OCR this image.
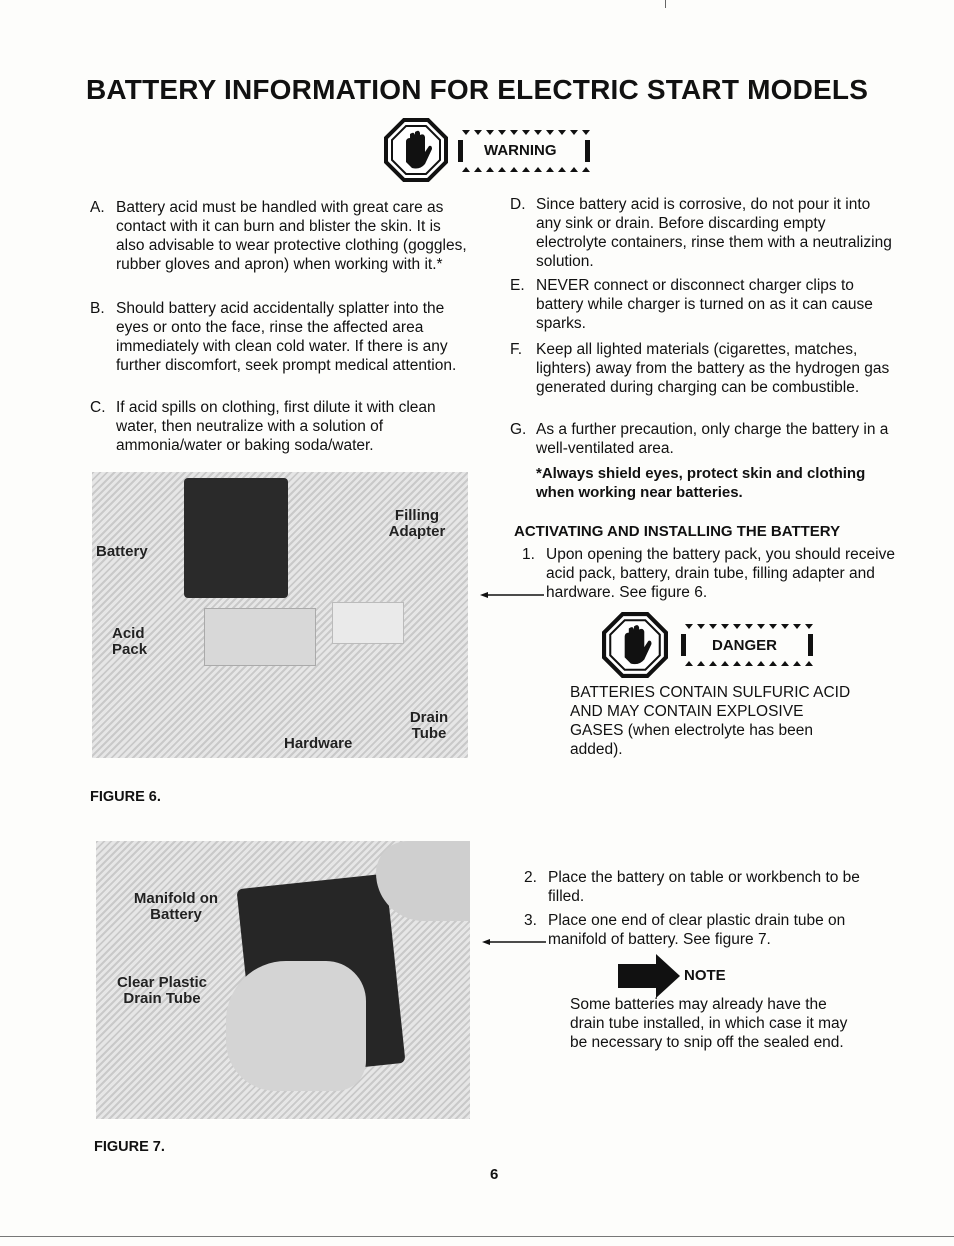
BATTERY INFORMATION FOR ELECTRIC START MODELS
WARNING
A. Battery acid must be handled with great care as contact with it can burn and blister the skin. It is also advisable to wear protective clothing (goggles, rubber gloves and apron) when working with it.*
B. Should battery acid accidentally splatter into the eyes or onto the face, rinse the affected area immediately with clean cold water. If there is any further discomfort, seek prompt medical attention.
C. If acid spills on clothing, first dilute it with clean water, then neutralize with a solution of ammonia/water or baking soda/water.
D. Since battery acid is corrosive, do not pour it into any sink or drain. Before discarding empty electrolyte containers, rinse them with a neutralizing solution.
E. NEVER connect or disconnect charger clips to battery while charger is turned on as it can cause sparks.
F. Keep all lighted materials (cigarettes, matches, lighters) away from the battery as the hydrogen gas generated during charging can be combustible.
G. As a further precaution, only charge the battery in a well-ventilated area.
*Always shield eyes, protect skin and clothing when working near batteries.
ACTIVATING AND INSTALLING THE BATTERY
1. Upon opening the battery pack, you should receive acid pack, battery, drain tube, filling adapter and hardware. See figure 6.
DANGER
BATTERIES CONTAIN SULFURIC ACID AND MAY CONTAIN EXPLOSIVE GASES (when electrolyte has been added).
Battery
Filling Adapter
Acid Pack
Hardware
Drain Tube
FIGURE 6.
2. Place the battery on table or workbench to be filled.
3. Place one end of clear plastic drain tube on manifold of battery. See figure 7.
NOTE
Some batteries may already have the drain tube installed, in which case it may be necessary to snip off the sealed end.
Manifold on Battery
Clear Plastic Drain Tube
FIGURE 7.
6
